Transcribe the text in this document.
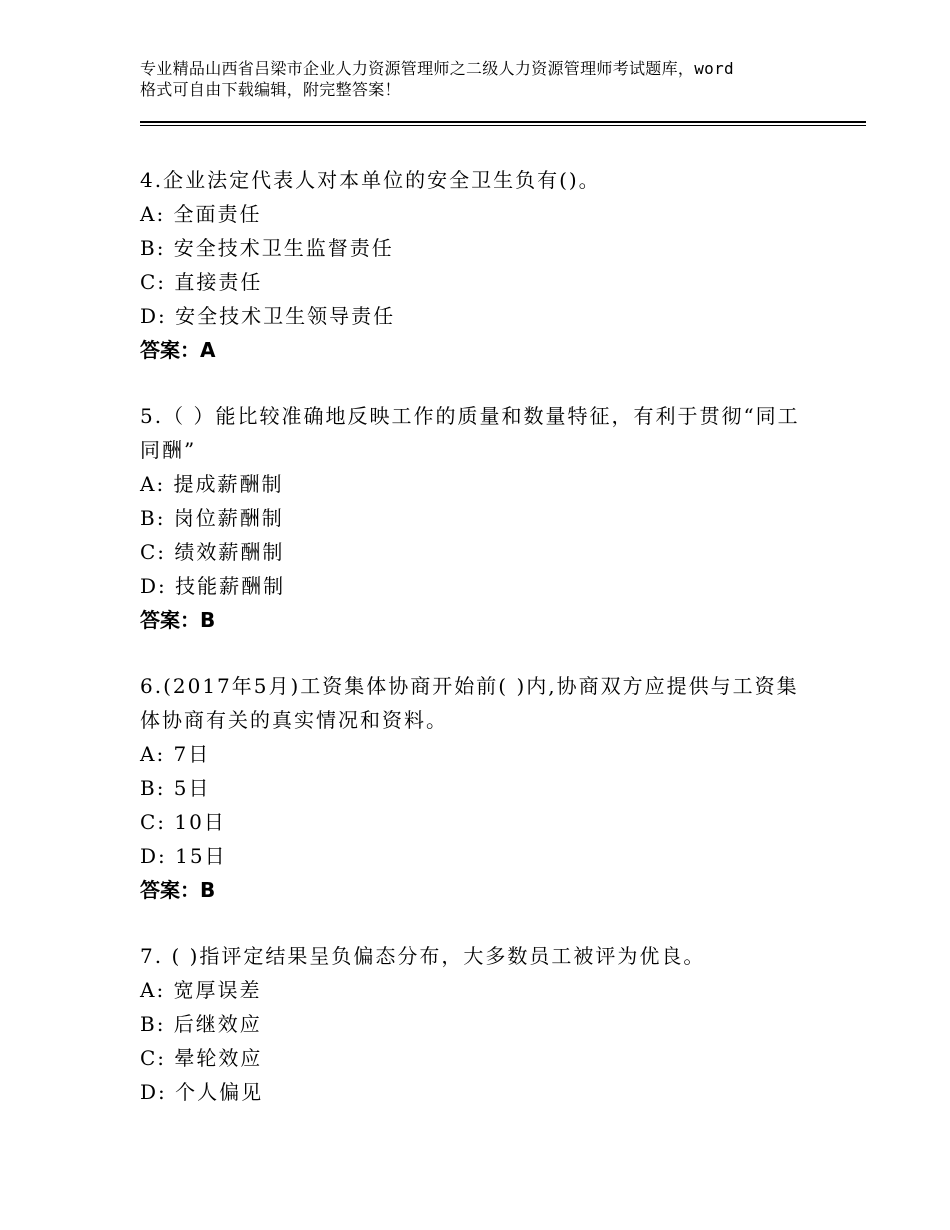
专业精品山西省吕梁市企业人力资源管理师之二级人力资源管理师考试题库，word
格式可自由下载编辑，附完整答案！
4.企业法定代表人对本单位的安全卫生负有()。
A: 全面责任
B: 安全技术卫生监督责任
C: 直接责任
D: 安全技术卫生领导责任
答案：A
5.（ ）能比较准确地反映工作的质量和数量特征，有利于贯彻“同工
同酬”
A: 提成薪酬制
B: 岗位薪酬制
C: 绩效薪酬制
D: 技能薪酬制
答案：B
6.(2017年5月)工资集体协商开始前( )内,协商双方应提供与工资集
体协商有关的真实情况和资料。
A: 7日
B: 5日
C: 10日
D: 15日
答案：B
7. ( )指评定结果呈负偏态分布，大多数员工被评为优良。
A: 宽厚误差
B: 后继效应
C: 晕轮效应
D: 个人偏见
